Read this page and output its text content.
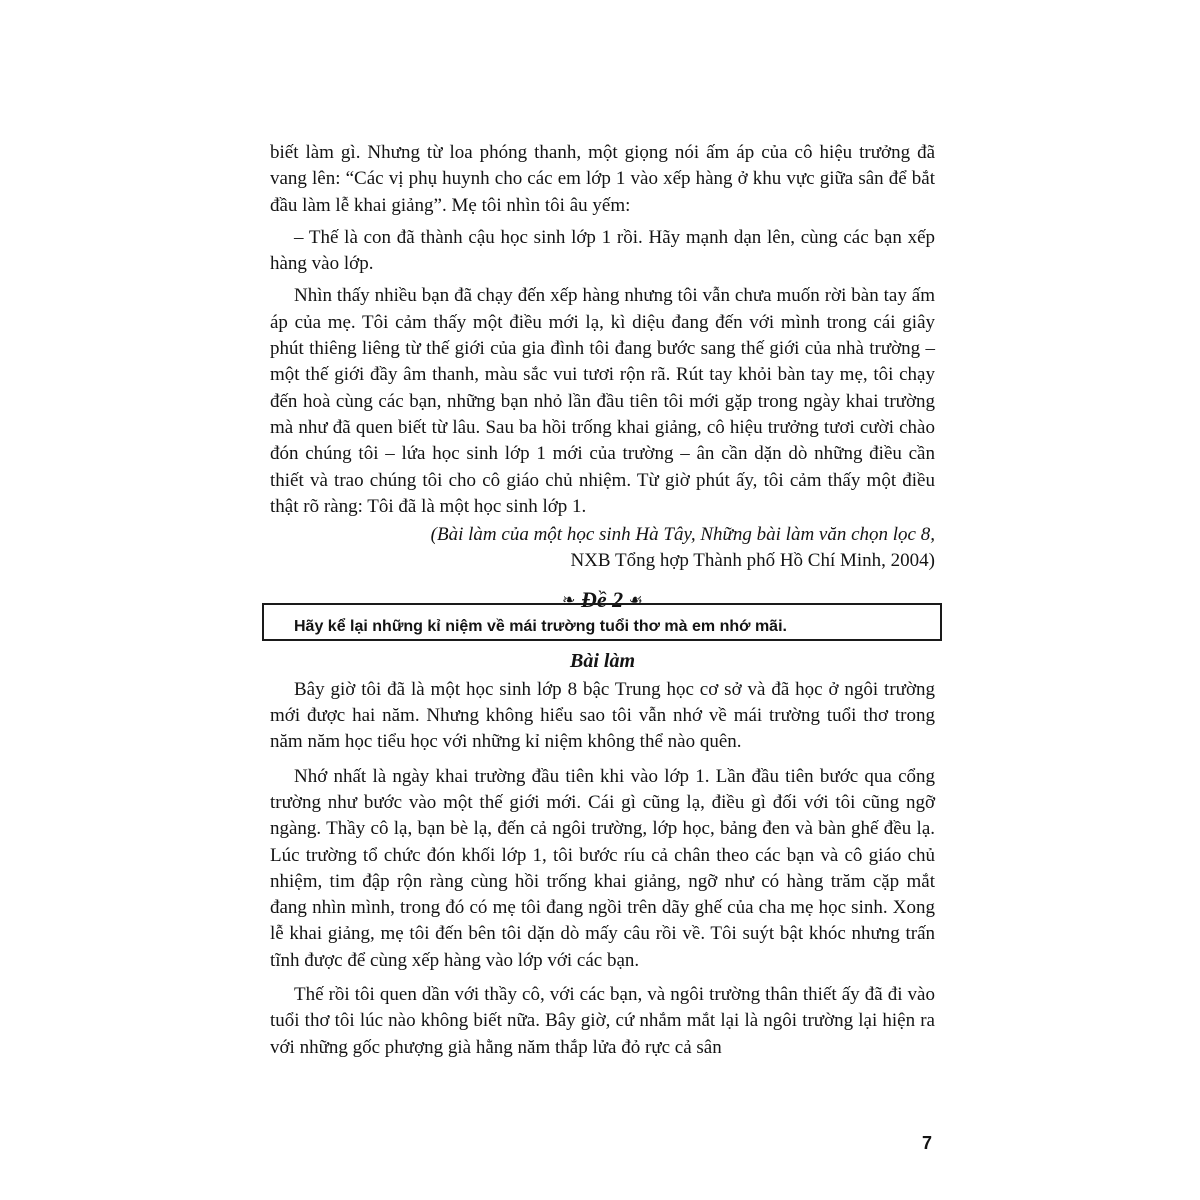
biết làm gì. Nhưng từ loa phóng thanh, một giọng nói ấm áp của cô hiệu trưởng đã vang lên: “Các vị phụ huynh cho các em lớp 1 vào xếp hàng ở khu vực giữa sân để bắt đầu làm lễ khai giảng”. Mẹ tôi nhìn tôi âu yếm:

– Thế là con đã thành cậu học sinh lớp 1 rồi. Hãy mạnh dạn lên, cùng các bạn xếp hàng vào lớp.

Nhìn thấy nhiều bạn đã chạy đến xếp hàng nhưng tôi vẫn chưa muốn rời bàn tay ấm áp của mẹ. Tôi cảm thấy một điều mới lạ, kì diệu đang đến với mình trong cái giây phút thiêng liêng từ thế giới của gia đình tôi đang bước sang thế giới của nhà trường – một thế giới đầy âm thanh, màu sắc vui tươi rộn rã. Rút tay khỏi bàn tay mẹ, tôi chạy đến hoà cùng các bạn, những bạn nhỏ lần đầu tiên tôi mới gặp trong ngày khai trường mà như đã quen biết từ lâu. Sau ba hồi trống khai giảng, cô hiệu trưởng tươi cười chào đón chúng tôi – lứa học sinh lớp 1 mới của trường – ân cần dặn dò những điều cần thiết và trao chúng tôi cho cô giáo chủ nhiệm. Từ giờ phút ấy, tôi cảm thấy một điều thật rõ ràng: Tôi đã là một học sinh lớp 1.

(Bài làm của một học sinh Hà Tây, Những bài làm văn chọn lọc 8,

NXB Tổng hợp Thành phố Hồ Chí Minh, 2004)

❧ Đề 2 ☙
Hãy kể lại những kỉ niệm về mái trường tuổi thơ mà em nhớ mãi.
Bài làm

Bây giờ tôi đã là một học sinh lớp 8 bậc Trung học cơ sở và đã học ở ngôi trường mới được hai năm. Nhưng không hiểu sao tôi vẫn nhớ về mái trường tuổi thơ trong năm năm học tiểu học với những kỉ niệm không thể nào quên.

Nhớ nhất là ngày khai trường đầu tiên khi vào lớp 1. Lần đầu tiên bước qua cổng trường như bước vào một thế giới mới. Cái gì cũng lạ, điều gì đối với tôi cũng ngỡ ngàng. Thầy cô lạ, bạn bè lạ, đến cả ngôi trường, lớp học, bảng đen và bàn ghế đều lạ. Lúc trường tổ chức đón khối lớp 1, tôi bước ríu cả chân theo các bạn và cô giáo chủ nhiệm, tim đập rộn ràng cùng hồi trống khai giảng, ngỡ như có hàng trăm cặp mắt đang nhìn mình, trong đó có mẹ tôi đang ngồi trên dãy ghế của cha mẹ học sinh. Xong lễ khai giảng, mẹ tôi đến bên tôi dặn dò mấy câu rồi về. Tôi suýt bật khóc nhưng trấn tĩnh được để cùng xếp hàng vào lớp với các bạn.

Thế rồi tôi quen dần với thầy cô, với các bạn, và ngôi trường thân thiết ấy đã đi vào tuổi thơ tôi lúc nào không biết nữa. Bây giờ, cứ nhắm mắt lại là ngôi trường lại hiện ra với những gốc phượng già hằng năm thắp lửa đỏ rực cả sân

7
